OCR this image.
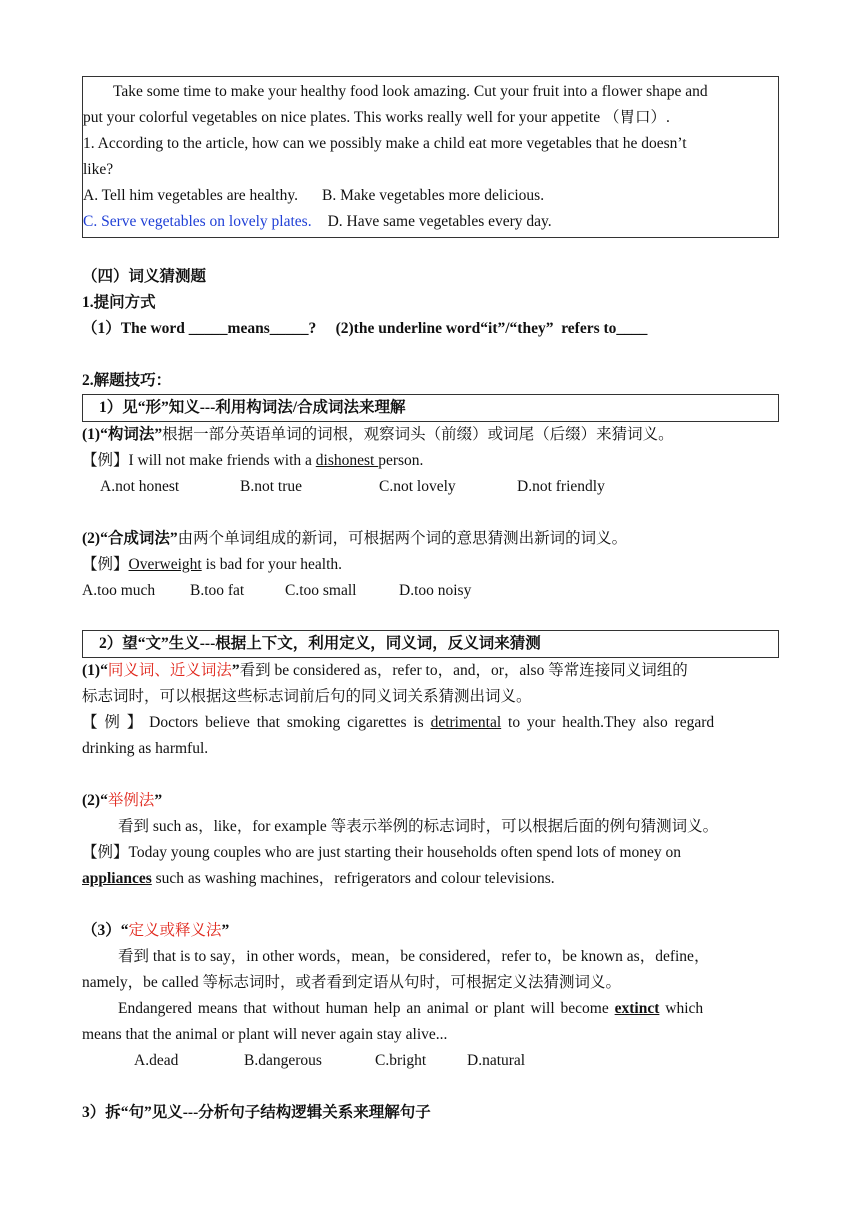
Take some time to make your healthy food look amazing. Cut your fruit into a flower shape and
put your colorful vegetables on nice plates. This works really well for your appetite （胃口）.
1. According to the article, how can we possibly make a child eat more vegetables that he doesn’t
like?
A. Tell him vegetables are healthy. B. Make vegetables more delicious.
C. Serve vegetables on lovely plates. D. Have same vegetables every day.
（四）词义猜测题
1.提问方式
（1）The word _____means_____?     (2)the underline word“it”/“they”  refers to____
2.解题技巧：
1）见“形”知义---利用构词法/合成词法来理解
(1)“构词法”根据一部分英语单词的词根，观察词头（前缀）或词尾（后缀）来猜词义。
【例】I will not make friends with a dishonest person.
A.not honest	B.not true	C.not lovely	D.not friendly
(2)“合成词法”由两个单词组成的新词，可根据两个词的意思猜测出新词的词义。
【例】Overweight is bad for your health.
A.too much B.too fat	C.too small	D.too noisy
2）望“文”生义---根据上下文，利用定义，同义词，反义词来猜测
(1)“同义词、近义词法”看到 be considered as，refer to，and，or，also 等常连接同义词组的
标志词时，可以根据这些标志词前后句的同义词关系猜测出词义。
【 例 】 Doctors believe that smoking cigarettes is detrimental to your health.They also regard
drinking as harmful.
(2)“举例法”
看到 such as，like，for example 等表示举例的标志词时，可以根据后面的例句猜测词义。
【例】Today young couples who are just starting their households often spend lots of money on
appliances such as washing machines，refrigerators and colour televisions.
（3）“定义或释义法”
看到 that is to say，in other words，mean，be considered，refer to，be known as，define，
namely，be called 等标志词时，或者看到定语从句时，可根据定义法猜测词义。
Endangered means that without human help an animal or plant will become extinct which
means that the animal or plant will never again stay alive...
A.dead	B.dangerous	C.bright	D.natural
3）拆“句”见义---分析句子结构逻辑关系来理解句子
